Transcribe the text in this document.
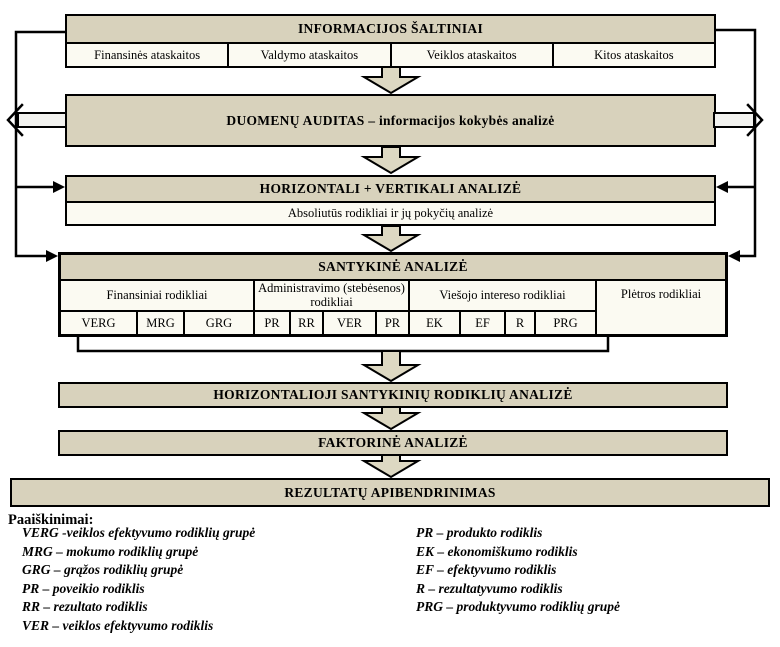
INFORMACIJOS ŠALTINIAI
Finansinės ataskaitos	Valdymo ataskaitos	Veiklos ataskaitos	Kitos ataskaitos
DUOMENŲ AUDITAS – informacijos kokybės analizė
HORIZONTALI + VERTIKALI ANALIZĖ
Absoliutūs rodikliai ir jų pokyčių analizė
SANTYKINĖ ANALIZĖ
Finansiniai rodikliai
VERG	MRG	GRG
Administravimo (stebėsenos) rodikliai
PR	RR	VER	PR
Viešojo intereso rodikliai
EK	EF	R	PRG
Plėtros rodikliai
HORIZONTALIOJI SANTYKINIŲ RODIKLIŲ ANALIZĖ
FAKTORINĖ ANALIZĖ
REZULTATŲ APIBENDRINIMAS
Paaiškinimai:
VERG -veiklos efektyvumo rodiklių grupė
MRG – mokumo rodiklių grupė
GRG – grąžos rodiklių grupė
PR – poveikio rodiklis
RR – rezultato rodiklis
VER – veiklos efektyvumo rodiklis
PR – produkto rodiklis
EK – ekonomiškumo rodiklis
EF – efektyvumo rodiklis
R – rezultatyvumo rodiklis
PRG – produktyvumo rodiklių grupė
